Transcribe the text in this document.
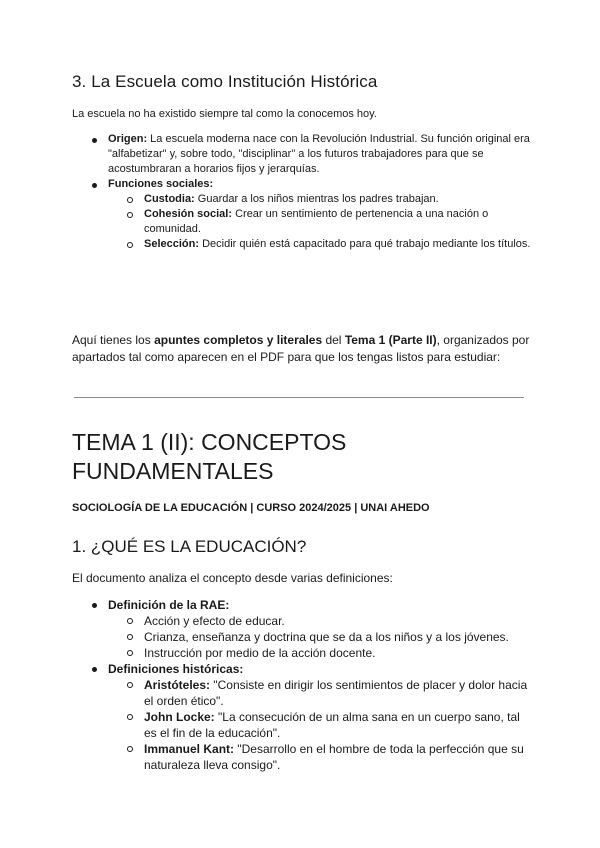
3. La Escuela como Institución Histórica

La escuela no ha existido siempre tal como la conocemos hoy.

Origen: La escuela moderna nace con la Revolución Industrial. Su función original era "alfabetizar" y, sobre todo, "disciplinar" a los futuros trabajadores para que se acostumbraran a horarios fijos y jerarquías.
Funciones sociales:
Custodia: Guardar a los niños mientras los padres trabajan.
Cohesión social: Crear un sentimiento de pertenencia a una nación o comunidad.
Selección: Decidir quién está capacitado para qué trabajo mediante los títulos.

Aquí tienes los apuntes completos y literales del Tema 1 (Parte II), organizados por apartados tal como aparecen en el PDF para que los tengas listos para estudiar:

TEMA 1 (II): CONCEPTOS FUNDAMENTALES

SOCIOLOGÍA DE LA EDUCACIÓN | CURSO 2024/2025 | UNAI AHEDO

1. ¿QUÉ ES LA EDUCACIÓN?

El documento analiza el concepto desde varias definiciones:

Definición de la RAE:
Acción y efecto de educar.
Crianza, enseñanza y doctrina que se da a los niños y a los jóvenes.
Instrucción por medio de la acción docente.
Definiciones históricas:
Aristóteles: "Consiste en dirigir los sentimientos de placer y dolor hacia el orden ético".
John Locke: "La consecución de un alma sana en un cuerpo sano, tal es el fin de la educación".
Immanuel Kant: "Desarrollo en el hombre de toda la perfección que su naturaleza lleva consigo".
